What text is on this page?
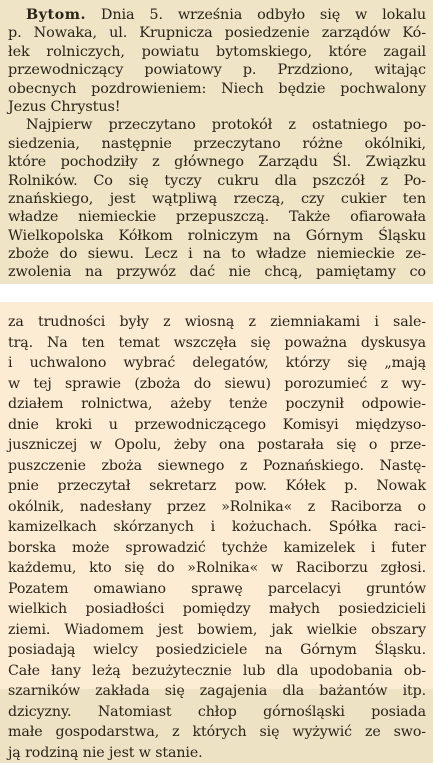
Bytom. Dnia 5. września odbyło się w lokalu
p. Nowaka, ul. Krupnicza posiedzenie zarządów Kó-
łek rolniczych, powiatu bytomskiego, które zagail
przewodniczący powiatowy p. Przdziono, witając
obecnych pozdrowieniem: Niech będzie pochwalony
Jezus Chrystus!
Najpierw przeczytano protokół z ostatniego po-
siedzenia, następnie przeczytano różne okólniki,
które pochodziły z głównego Zarządu Śl. Związku
Rolników. Co się tyczy cukru dla pszczół z Po-
znańskiego, jest wątpliwą rzeczą, czy cukier ten
władze niemieckie przepuszczą. Także ofiarowała
Wielkopolska Kółkom rolniczym na Górnym Śląsku
zboże do siewu. Lecz i na to władze niemieckie ze-
zwolenia na przywóz dać nie chcą, pamiętamy co
za trudności były z wiosną z ziemniakami i sale-
trą. Na ten temat wszczęła się poważna dyskusya
i uchwalono wybrać delegatów, którzy się „mają
w tej sprawie (zboża do siewu) porozumieć z wy-
działem rolnictwa, ażeby tenże poczynił odpowie-
dnie kroki u przewodniczącego Komisyi międzyso-
juszniczej w Opolu, żeby ona postarała się o prze-
puszczenie zboża siewnego z Poznańskiego. Nastę-
pnie przeczytał sekretarz pow. Kółek p. Nowak
okólnik, nadesłany przez »Rolnika« z Raciborza o
kamizelkach skórzanych i kożuchach. Spółka raci-
borska może sprowadzić tychże kamizelek i futer
każdemu, kto się do »Rolnika« w Raciborzu zgłosi.
Pozatem omawiano sprawę parcelacyi gruntów
wielkich posiadłości pomiędzy małych posiedzicieli
ziemi. Wiadomem jest bowiem, jak wielkie obszary
posiadają wielcy posiedziciele na Górnym Śląsku.
Całe łany leżą bezużytecznie lub dla upodobania ob-
szarników zakłada się zagajenia dla bażantów itp.
dzicyzny. Natomiast chłop górnośląski posiada
małe gospodarstwa, z których się wyżywić ze swo-
ją rodziną nie jest w stanie.
